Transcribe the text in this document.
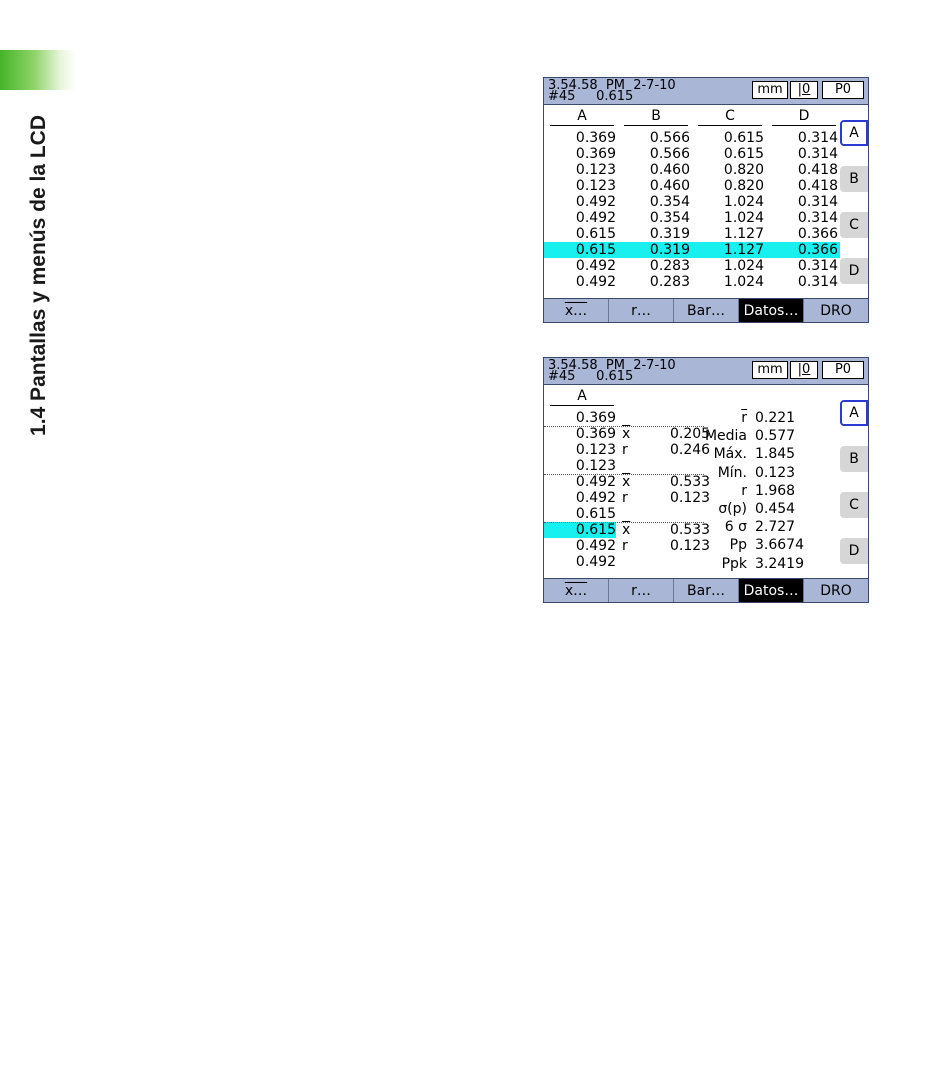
1.4 Pantallas y menús de la LCD
3.54.58  PM  2-7-10
#45     0.615	mm	|0	P0
A	B	C	D
0.369 0.566 0.615 0.314
0.369 0.566 0.615 0.314
0.123 0.460 0.820 0.418
0.123 0.460 0.820 0.418
0.492 0.354 1.024 0.314
0.492 0.354 1.024 0.314
0.615 0.319 1.127 0.366
0.615 0.319 1.127 0.366
0.492 0.283 1.024 0.314
0.492 0.283 1.024 0.314
A
B
C
D
x…	r…	Bar…	Datos…	DRO
3.54.58  PM  2-7-10
#45     0.615	mm	|0	P0
A
0.369
0.369
0.123
0.123
0.492
0.492
0.615
0.615
0.492
0.492
$\overline{x}$	0.205
r	0.246
$\overline{x}$	0.533
r	0.123
$\overline{x}$	0.533
r	0.123
$\overline{r}$ 0.221
Media 0.577
Máx. 1.845
Mín. 0.123
r 1.968
σ(p) 0.454
6 σ 2.727
Pp 3.6674
Ppk 3.2419
A
B
C
D
x…	r…	Bar…	Datos…	DRO
